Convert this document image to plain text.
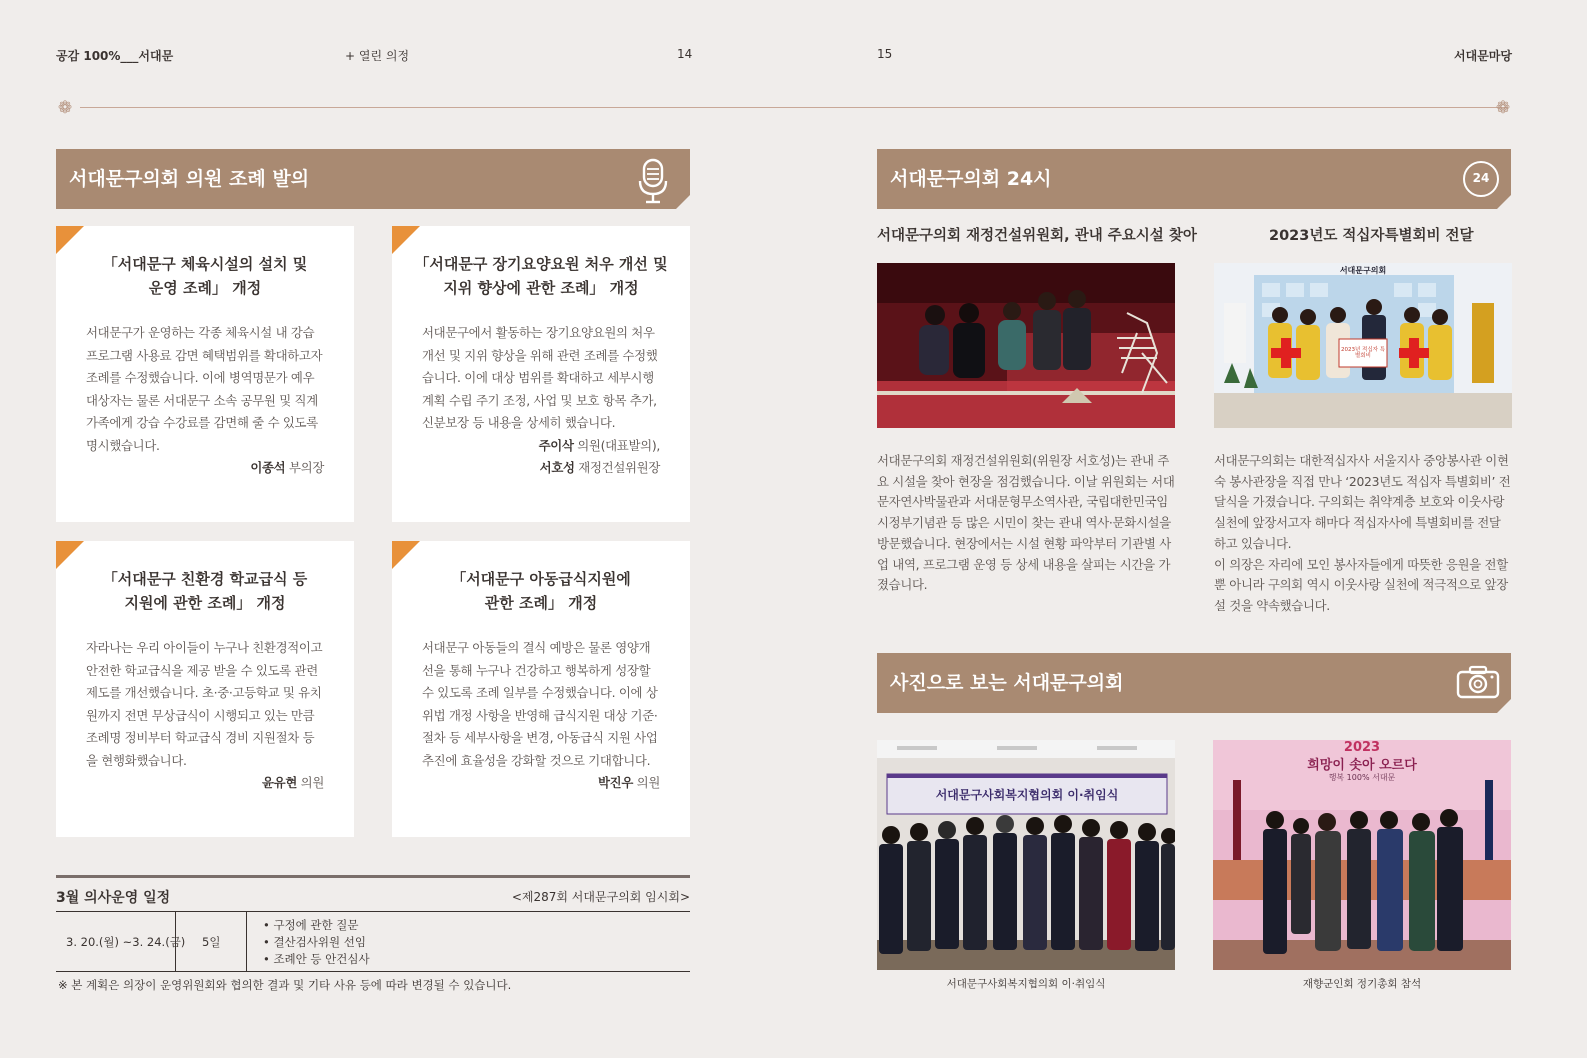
공감 100%___서대문	+ 열린 의정	14	15	서대문마당
❁	❁
서대문구의회 의원 조례 발의
「서대문구 체육시설의 설치 및
운영 조례」 개정
서대문구가 운영하는 각종 체육시설 내 강습 프로그램 사용료 감면 혜택범위를 확대하고자 조례를 수정했습니다. 이에 병역명문가 예우대상자는 물론 서대문구 소속 공무원 및 직계가족에게 강습 수강료를 감면해 줄 수 있도록 명시했습니다.
이종석 부의장
「서대문구 장기요양요원 처우 개선 및
지위 향상에 관한 조례」 개정
서대문구에서 활동하는 장기요양요원의 처우 개선 및 지위 향상을 위해 관련 조례를 수정했습니다. 이에 대상 범위를 확대하고 세부시행 계획 수립 주기 조정, 사업 및 보호 항목 추가, 신분보장 등 내용을 상세히 했습니다.
주이삭 의원(대표발의),
서호성 재정건설위원장
「서대문구 친환경 학교급식 등
지원에 관한 조례」 개정
자라나는 우리 아이들이 누구나 친환경적이고 안전한 학교급식을 제공 받을 수 있도록 관련 제도를 개선했습니다. 초·중·고등학교 및 유치원까지 전면 무상급식이 시행되고 있는 만큼 조례명 정비부터 학교급식 경비 지원절차 등을 현행화했습니다.
윤유현 의원
「서대문구 아동급식지원에
관한 조례」 개정
서대문구 아동들의 결식 예방은 물론 영양개선을 통해 누구나 건강하고 행복하게 성장할 수 있도록 조례 일부를 수정했습니다. 이에 상위법 개정 사항을 반영해 급식지원 대상 기준·절차 등 세부사항을 변경, 아동급식 지원 사업 추진에 효율성을 강화할 것으로 기대합니다.
박진우 의원
3월 의사운영 일정	<제287회 서대문구의회 임시회>
3. 20.(월) ~3. 24.(금) 5일
• 구정에 관한 질문
• 결산검사위원 선임
• 조례안 등 안건심사
※ 본 계획은 의장이 운영위원회와 협의한 결과 및 기타 사유 등에 따라 변경될 수 있습니다.
서대문구의회 24시	24
서대문구의회 재정건설위원회, 관내 주요시설 찾아
서대문구의회 재정건설위원회(위원장 서호성)는 관내 주요 시설을 찾아 현장을 점검했습니다. 이날 위원회는 서대문자연사박물관과 서대문형무소역사관, 국립대한민국임시정부기념관 등 많은 시민이 찾는 관내 역사·문화시설을 방문했습니다. 현장에서는 시설 현황 파악부터 기관별 사업 내역, 프로그램 운영 등 상세 내용을 살피는 시간을 가졌습니다.
2023년도 적십자특별회비 전달
서대문구의회
2023년 적십자 특별회비
서대문구의회는 대한적십자사 서울지사 중앙봉사관 이현숙 봉사관장을 직접 만나 ‘2023년도 적십자 특별회비’ 전달식을 가졌습니다. 구의회는 취약계층 보호와 이웃사랑 실천에 앞장서고자 해마다 적십자사에 특별회비를 전달하고 있습니다.
이 의장은 자리에 모인 봉사자들에게 따뜻한 응원을 전할 뿐 아니라 구의회 역시 이웃사랑 실천에 적극적으로 앞장설 것을 약속했습니다.
사진으로 보는 서대문구의회
서대문구사회복지협의회 이·취임식
서대문구사회복지협의회 이·취임식
2023
희망이 솟아 오르다
행복 100% 서대문
재향군인회 정기총회 참석
